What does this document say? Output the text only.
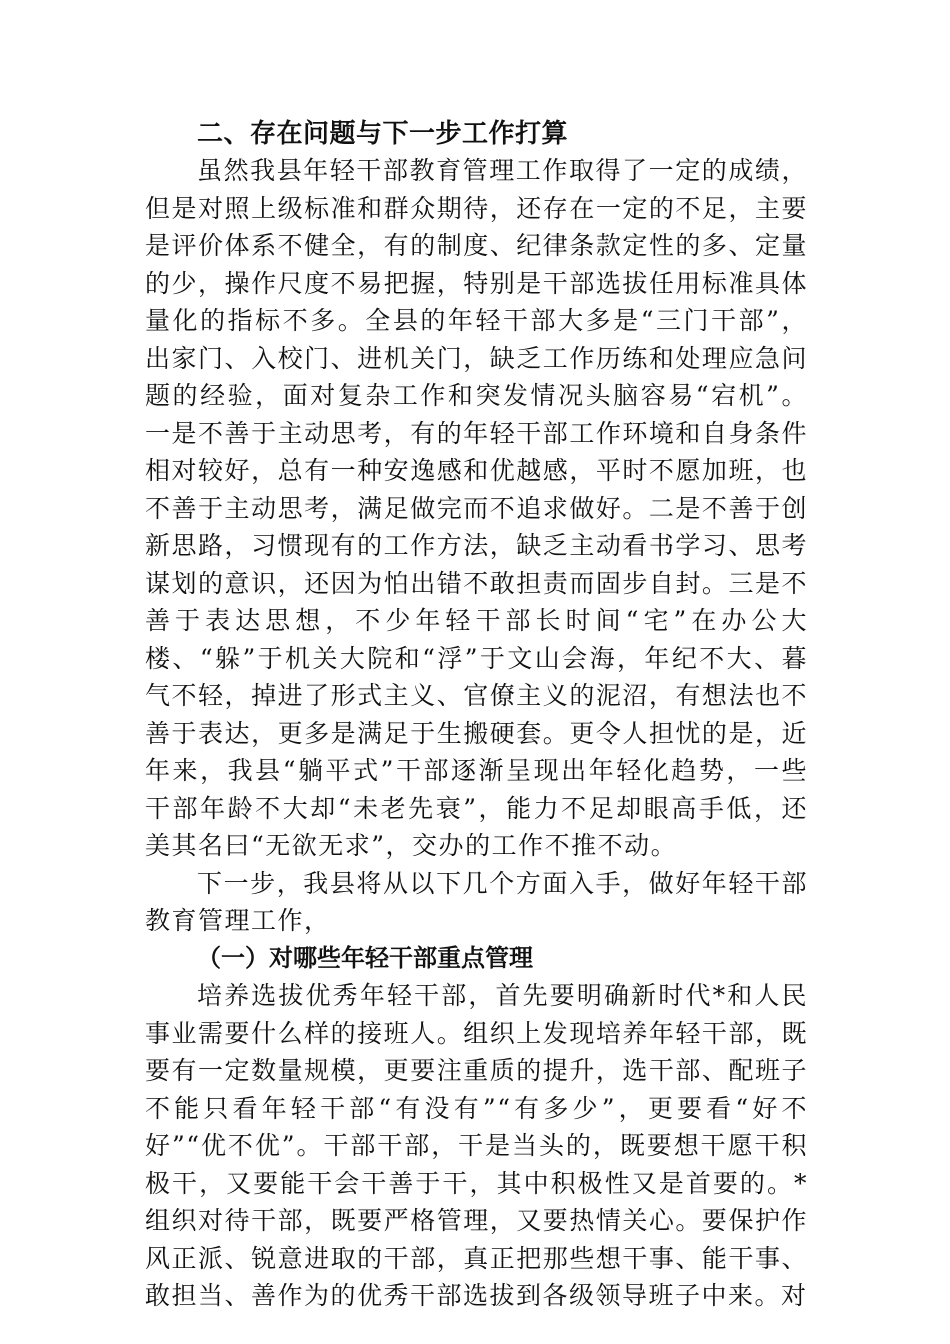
二、存在问题与下一步工作打算

虽然我县年轻干部教育管理工作取得了一定的成绩，但是对照上级标准和群众期待，还存在一定的不足，主要是评价体系不健全，有的制度、纪律条款定性的多、定量的少，操作尺度不易把握，特别是干部选拔任用标准具体量化的指标不多。全县的年轻干部大多是“三门干部”，出家门、入校门、进机关门，缺乏工作历练和处理应急问题的经验，面对复杂工作和突发情况头脑容易“宕机”。一是不善于主动思考，有的年轻干部工作环境和自身条件相对较好，总有一种安逸感和优越感，平时不愿加班，也不善于主动思考，满足做完而不追求做好。二是不善于创新思路，习惯现有的工作方法，缺乏主动看书学习、思考谋划的意识，还因为怕出错不敢担责而固步自封。三是不善于表达思想，不少年轻干部长时间“宅”在办公大楼、“躲”于机关大院和“浮”于文山会海，年纪不大、暮气不轻，掉进了形式主义、官僚主义的泥沼，有想法也不善于表达，更多是满足于生搬硬套。更令人担忧的是，近年来，我县“躺平式”干部逐渐呈现出年轻化趋势，一些干部年龄不大却“未老先衰”，能力不足却眼高手低，还美其名曰“无欲无求”，交办的工作不推不动。

下一步，我县将从以下几个方面入手，做好年轻干部教育管理工作，

（一）对哪些年轻干部重点管理

培养选拔优秀年轻干部，首先要明确新时代*和人民事业需要什么样的接班人。组织上发现培养年轻干部，既要有一定数量规模，更要注重质的提升，选干部、配班子不能只看年轻干部“有没有”“有多少”，更要看“好不好”“优不优”。干部干部，干是当头的，既要想干愿干积极干，又要能干会干善于干，其中积极性又是首要的。*组织对待干部，既要严格管理，又要热情关心。要保护作风正派、锐意进取的干部，真正把那些想干事、能干事、敢担当、善作为的优秀干部选拔到各级领导班子中来。对
